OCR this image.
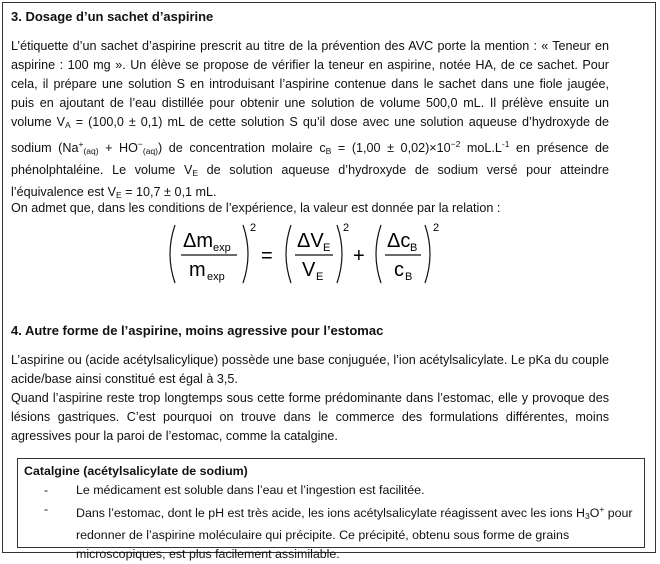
3. Dosage d’un sachet d’aspirine

L’étiquette d’un sachet d’aspirine prescrit au titre de la prévention des AVC porte la mention : « Teneur en aspirine : 100 mg ». Un élève se propose de vérifier la teneur en aspirine, notée HA, de ce sachet. Pour cela, il prépare une solution S en introduisant l’aspirine contenue dans le sachet dans une fiole jaugée, puis en ajoutant de l’eau distillée pour obtenir une solution de volume 500,0 mL. Il prélève ensuite un volume $V_A = (100,0 \pm 0,1)$ mL de cette solution S qu’il dose avec une solution aqueuse d’hydroxyde de sodium $(Na^+_{(aq)} + HO^-_{(aq)})$ de concentration molaire $c_B = (1,00 \pm 0,02)\times 10^{-2}$ $moL.L^{-1}$ en présence de phénolphtaléine. Le volume $V_E$ de solution aqueuse d’hydroxyde de sodium versé pour atteindre l’équivalence est $V_E = 10,7 \pm 0,1$ mL.

On admet que, dans les conditions de l’expérience, la valeur est donnée par la relation :
Δm exp
m exp
2
=
ΔV E
V E
2
+
Δc B
c B
2
4. Autre forme de l’aspirine, moins agressive pour l’estomac

L’aspirine ou (acide acétylsalicylique) possède une base conjuguée, l’ion acétylsalicylate. Le pKa du couple acide/base ainsi constitué est égal à 3,5.

Quand l’aspirine reste trop longtemps sous cette forme prédominante dans l’estomac, elle y provoque des lésions gastriques. C’est pourquoi on trouve dans le commerce des formulations différentes, moins agressives pour la paroi de l’estomac, comme la catalgine.

Catalgine (acétylsalicylate de sodium)
- Le médicament est soluble dans l’eau et l’ingestion est facilitée.
- Dans l’estomac, dont le pH est très acide, les ions acétylsalicylate réagissent avec les ions $H_3O^+$ pour redonner de l’aspirine moléculaire qui précipite. Ce précipité, obtenu sous forme de grains microscopiques, est plus facilement assimilable.
